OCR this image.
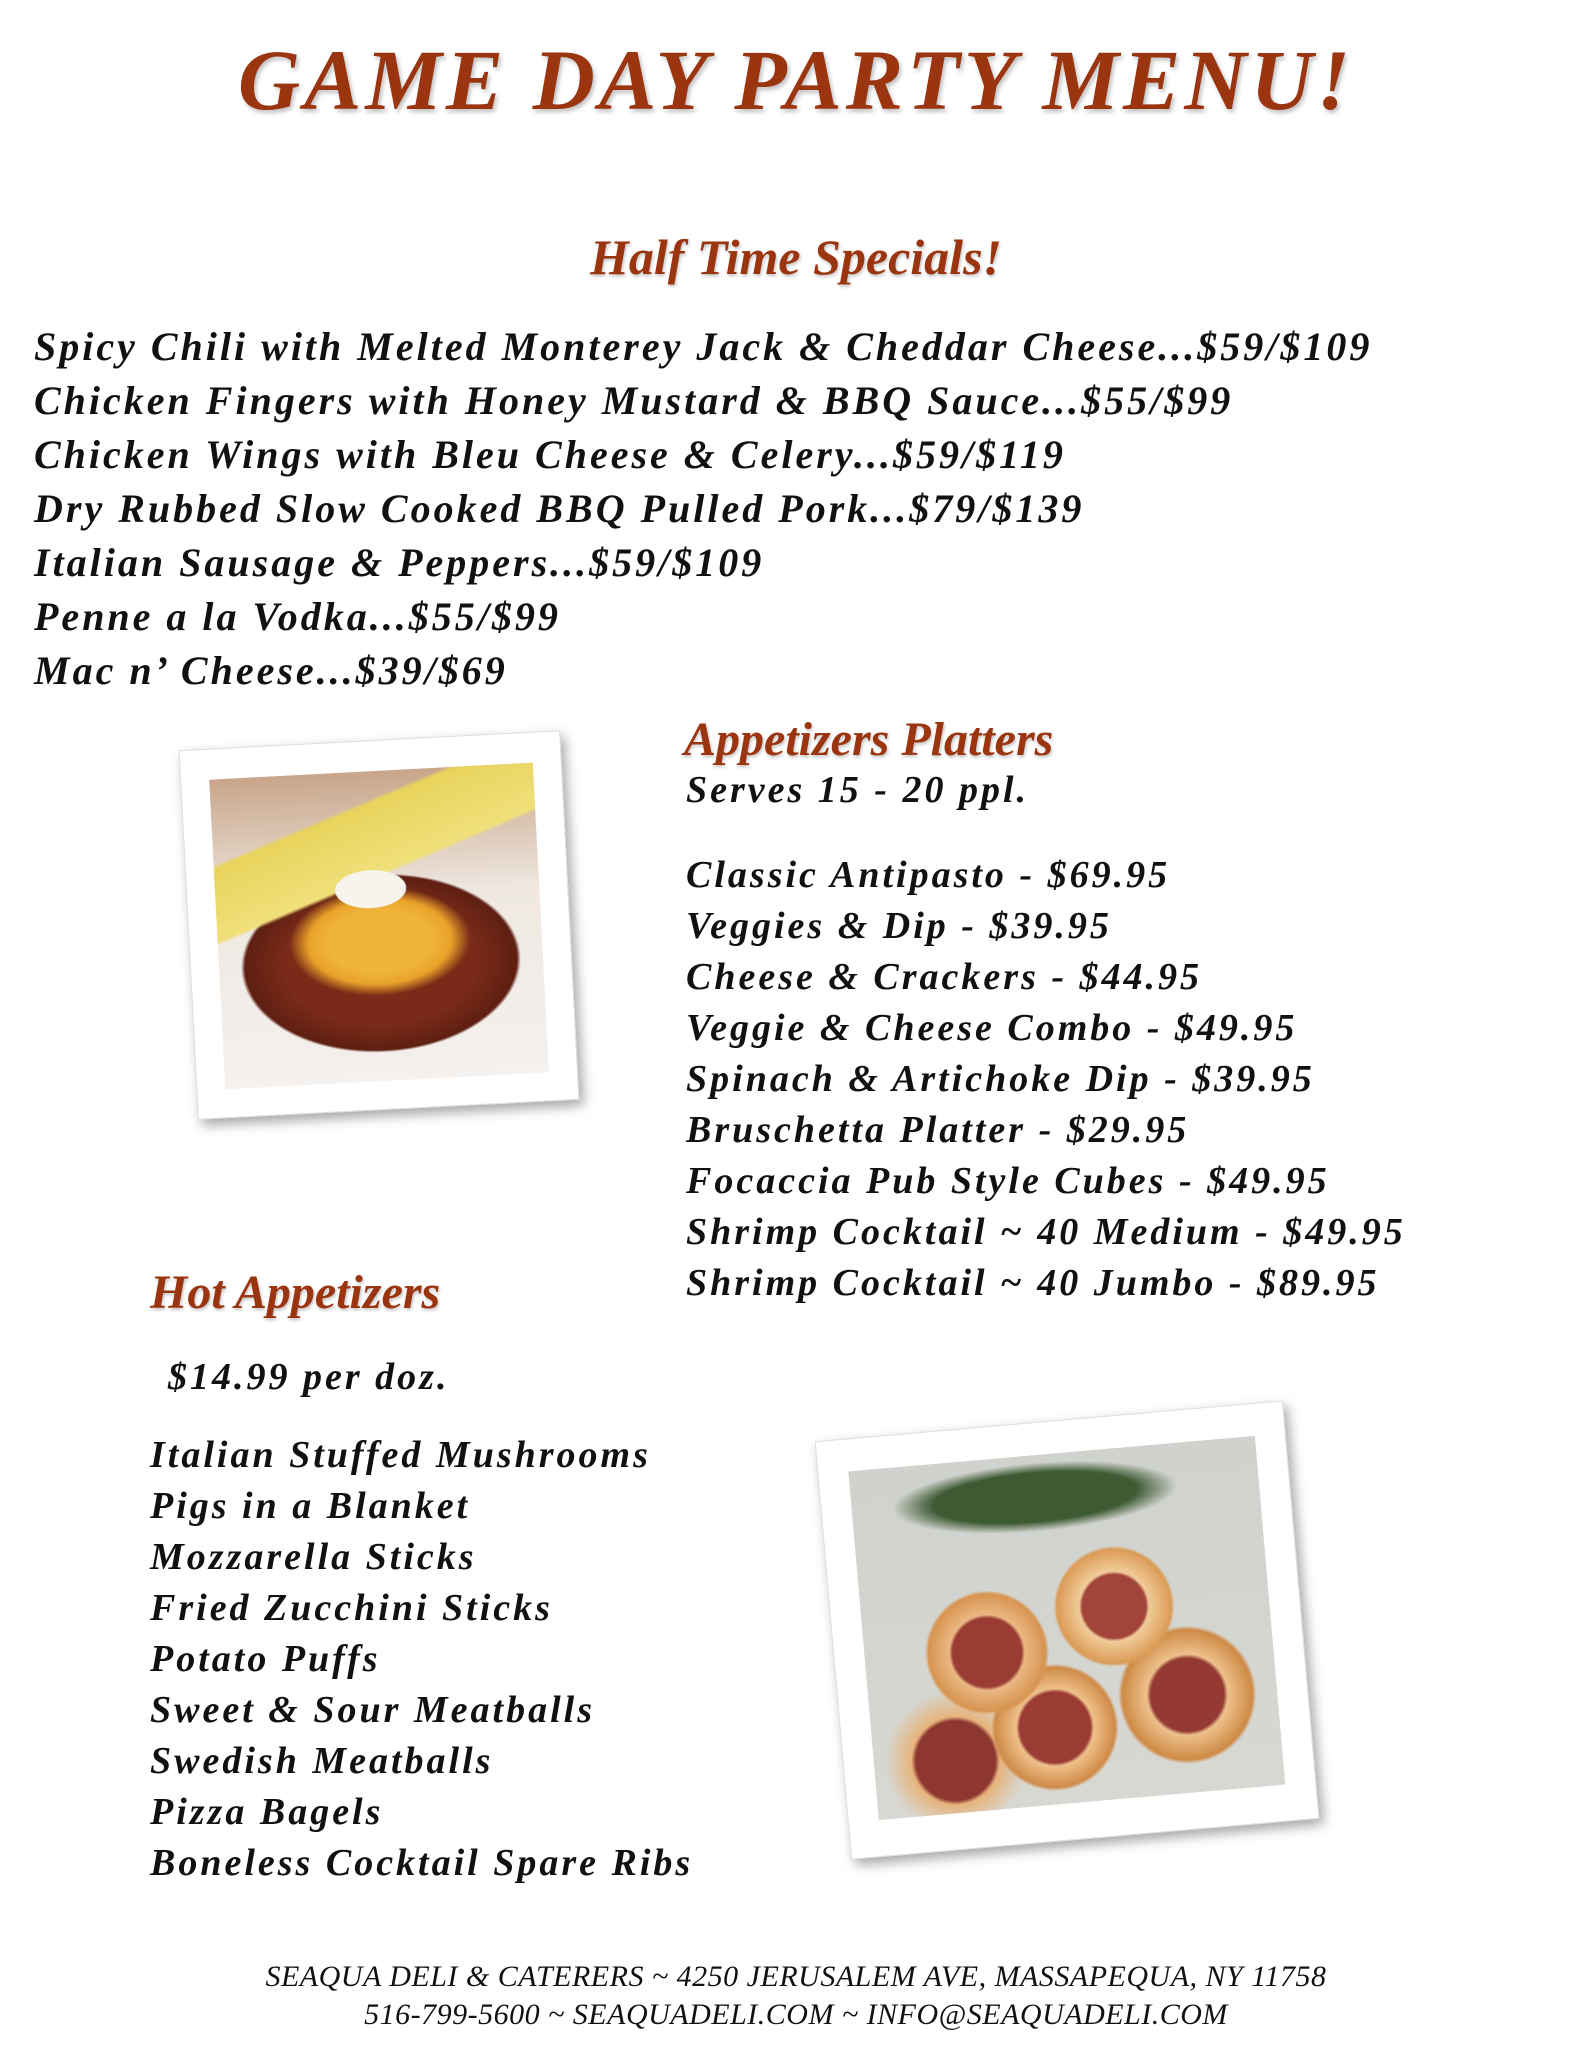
GAME DAY PARTY MENU!
Half Time Specials!
Spicy Chili with Melted Monterey Jack & Cheddar Cheese...$59/$109
Chicken Fingers with Honey Mustard & BBQ Sauce...$55/$99
Chicken Wings with Bleu Cheese & Celery...$59/$119
Dry Rubbed Slow Cooked BBQ Pulled Pork...$79/$139
Italian Sausage & Peppers...$59/$109
Penne a la Vodka...$55/$99
Mac n’ Cheese...$39/$69
Appetizers Platters
Serves 15 - 20 ppl.
Classic Antipasto - $69.95
Veggies & Dip - $39.95
Cheese & Crackers - $44.95
Veggie & Cheese Combo - $49.95
Spinach & Artichoke Dip - $39.95
Bruschetta Platter - $29.95
Focaccia Pub Style Cubes - $49.95
Shrimp Cocktail ~ 40 Medium - $49.95
Shrimp Cocktail ~ 40 Jumbo - $89.95
Hot Appetizers
$14.99 per doz.
Italian Stuffed Mushrooms
Pigs in a Blanket
Mozzarella Sticks
Fried Zucchini Sticks
Potato Puffs
Sweet & Sour Meatballs
Swedish Meatballs
Pizza Bagels
Boneless Cocktail Spare Ribs
SEAQUA DELI & CATERERS ~ 4250 JERUSALEM AVE, MASSAPEQUA, NY 11758
516-799-5600 ~ SEAQUADELI.COM ~ INFO@SEAQUADELI.COM
